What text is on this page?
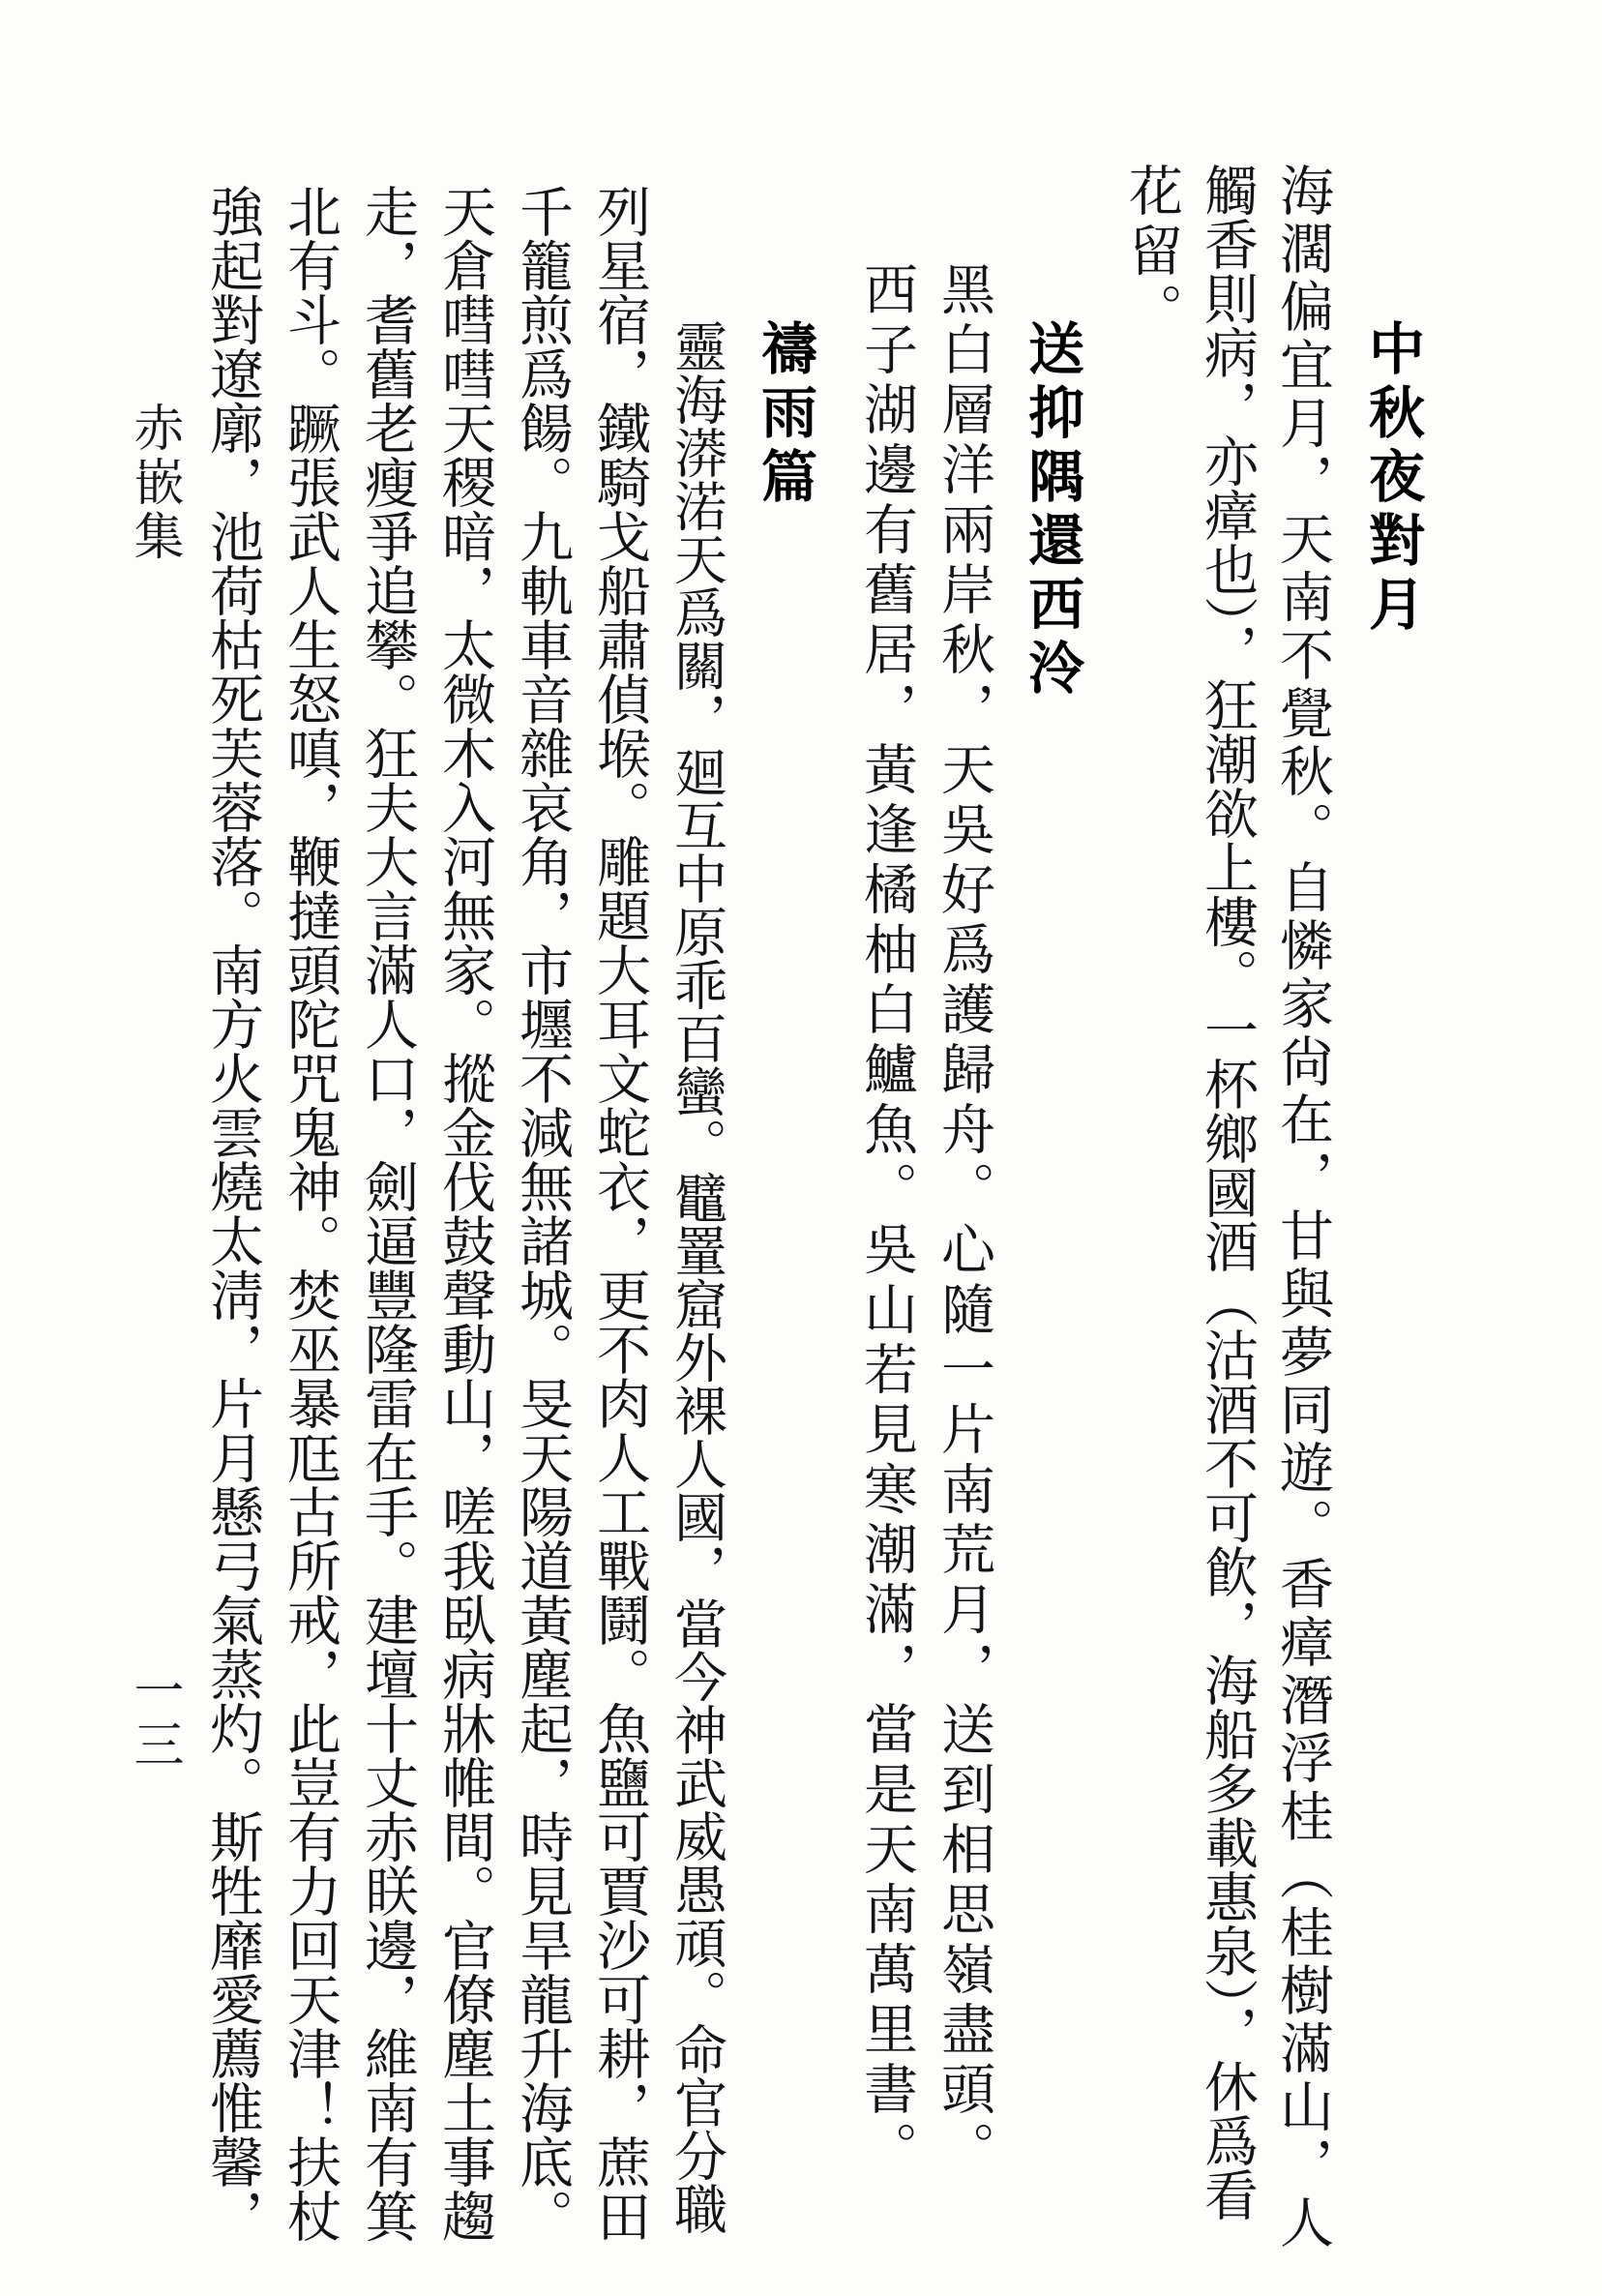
中秋夜對月
海濶偏宜月，天南不覺秋。自憐家尙在，甘與夢同遊。香瘴潛浮桂（桂樹滿山，人
觸香則病，亦瘴也），狂潮欲上樓。一杯鄉國酒（沽酒不可飮，海船多載惠泉），休爲看
花留。
送抑隅還西泠
黑白層洋兩岸秋，天吳好爲護歸舟。心隨一片南荒月，送到相思嶺盡頭。
西子湖邊有舊居，黃逢橘柚白鱸魚。吳山若見寒潮滿，當是天南萬里書。
禱雨篇
靈海漭渃天爲關，廻互中原乖百蠻。鼊罿窟外裸人國，當今神武威愚頑。命官分職
列星宿，鐵騎戈船肅偵堠。雕題大耳文蛇衣，更不肉人工戰鬪。魚鹽可賈沙可耕，蔗田
千籠煎爲餳。九軌車音雜哀角，市壥不減無諸城。旻天陽道黃塵起，時見旱龍升海底。
天倉嘒嘒天稷暗，太微木入河無家。摐金伐鼓聲動山，嗟我臥病牀帷間。官僚塵土事趨
走，耆舊老瘦爭追攀。狂夫大言滿人口，劍逼豐隆雷在手。建壇十丈赤眹邊，維南有箕
北有斗。蹶張武人生怒嗔，鞭撻頭陀咒鬼神。焚巫暴尫古所戒，此豈有力回天津！扶杖
強起對遼廓，池荷枯死芙蓉落。南方火雲燒太淸，片月懸弓氣蒸灼。斯牲靡愛薦惟馨，
赤嵌集
一三
